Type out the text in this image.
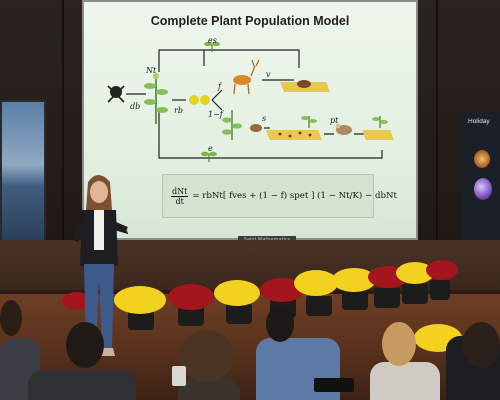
Holiday
Complete Plant Population Model
Nt
db	rb
f
1−f
v
s	pt
e
es
$\frac{\text{dNt}}{dt}$ = rbNt[ fves + (1 − f) spet ] (1 − Nt/K) − dbNt
